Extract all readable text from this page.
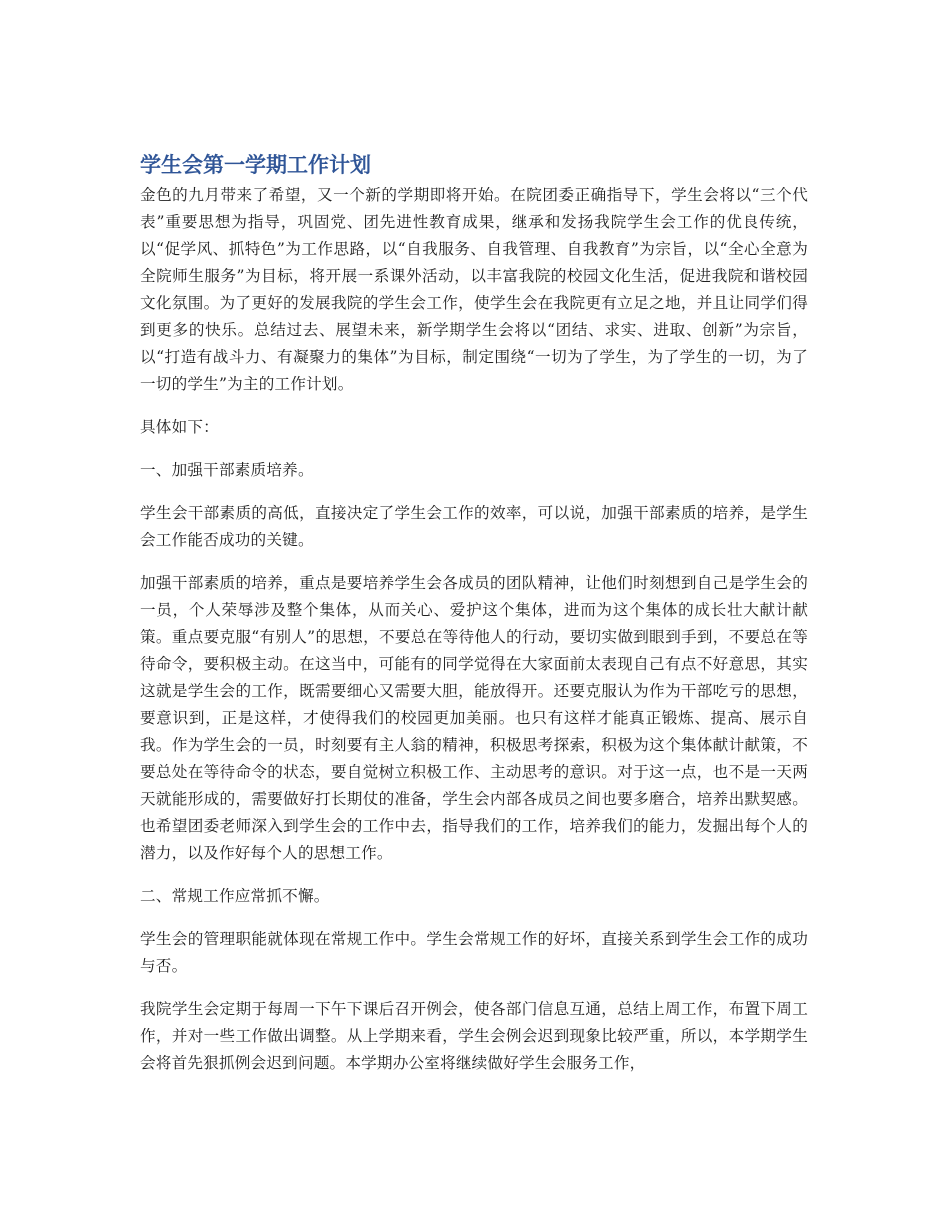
学生会第一学期工作计划

金色的九月带来了希望，又一个新的学期即将开始。在院团委正确指导下，学生会将以“三个代表”重要思想为指导，巩固党、团先进性教育成果，继承和发扬我院学生会工作的优良传统，以“促学风、抓特色”为工作思路，以“自我服务、自我管理、自我教育”为宗旨，以“全心全意为全院师生服务”为目标，将开展一系课外活动，以丰富我院的校园文化生活，促进我院和谐校园文化氛围。为了更好的发展我院的学生会工作，使学生会在我院更有立足之地，并且让同学们得到更多的快乐。总结过去、展望未来，新学期学生会将以“团结、求实、进取、创新”为宗旨，以“打造有战斗力、有凝聚力的集体”为目标，制定围绕“一切为了学生，为了学生的一切，为了一切的学生”为主的工作计划。

具体如下：

一、加强干部素质培养。

学生会干部素质的高低，直接决定了学生会工作的效率，可以说，加强干部素质的培养，是学生会工作能否成功的关键。

加强干部素质的培养，重点是要培养学生会各成员的团队精神，让他们时刻想到自己是学生会的一员，个人荣辱涉及整个集体，从而关心、爱护这个集体，进而为这个集体的成长壮大献计献策。重点要克服“有别人”的思想，不要总在等待他人的行动，要切实做到眼到手到，不要总在等待命令，要积极主动。在这当中，可能有的同学觉得在大家面前太表现自己有点不好意思，其实这就是学生会的工作，既需要细心又需要大胆，能放得开。还要克服认为作为干部吃亏的思想，要意识到，正是这样，才使得我们的校园更加美丽。也只有这样才能真正锻炼、提高、展示自我。作为学生会的一员，时刻要有主人翁的精神，积极思考探索，积极为这个集体献计献策，不要总处在等待命令的状态，要自觉树立积极工作、主动思考的意识。对于这一点，也不是一天两天就能形成的，需要做好打长期仗的准备，学生会内部各成员之间也要多磨合，培养出默契感。也希望团委老师深入到学生会的工作中去，指导我们的工作，培养我们的能力，发掘出每个人的潜力，以及作好每个人的思想工作。

二、常规工作应常抓不懈。

学生会的管理职能就体现在常规工作中。学生会常规工作的好坏，直接关系到学生会工作的成功与否。

我院学生会定期于每周一下午下课后召开例会，使各部门信息互通，总结上周工作，布置下周工作，并对一些工作做出调整。从上学期来看，学生会例会迟到现象比较严重，所以，本学期学生会将首先狠抓例会迟到问题。本学期办公室将继续做好学生会服务工作，
